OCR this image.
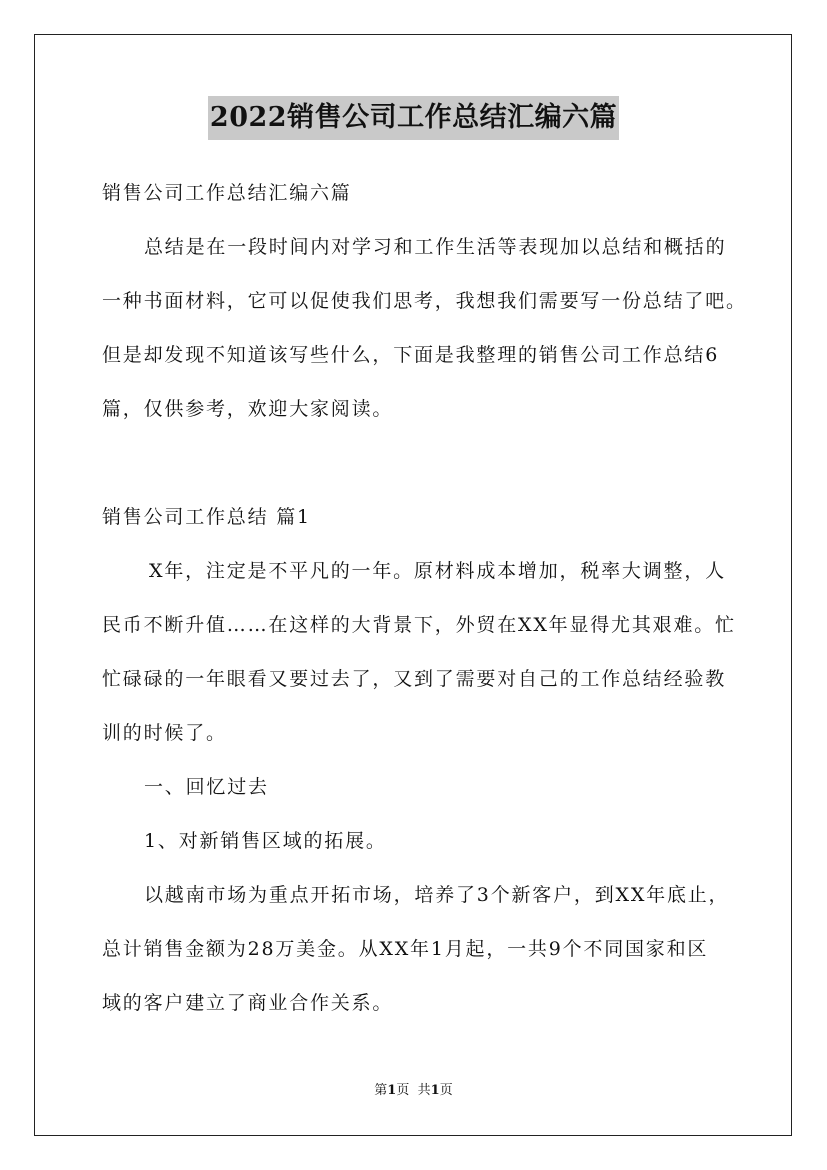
2022销售公司工作总结汇编六篇
销售公司工作总结汇编六篇
总结是在一段时间内对学习和工作生活等表现加以总结和概括的
一种书面材料，它可以促使我们思考，我想我们需要写一份总结了吧。
但是却发现不知道该写些什么，下面是我整理的销售公司工作总结6
篇，仅供参考，欢迎大家阅读。
销售公司工作总结 篇1
X年，注定是不平凡的一年。原材料成本增加，税率大调整，人
民币不断升值……在这样的大背景下，外贸在XX年显得尤其艰难。忙
忙碌碌的一年眼看又要过去了，又到了需要对自己的工作总结经验教
训的时候了。
一、回忆过去
1、对新销售区域的拓展。
以越南市场为重点开拓市场，培养了3个新客户，到XX年底止，
总计销售金额为28万美金。从XX年1月起，一共9个不同国家和区
域的客户建立了商业合作关系。
第1页 共1页
